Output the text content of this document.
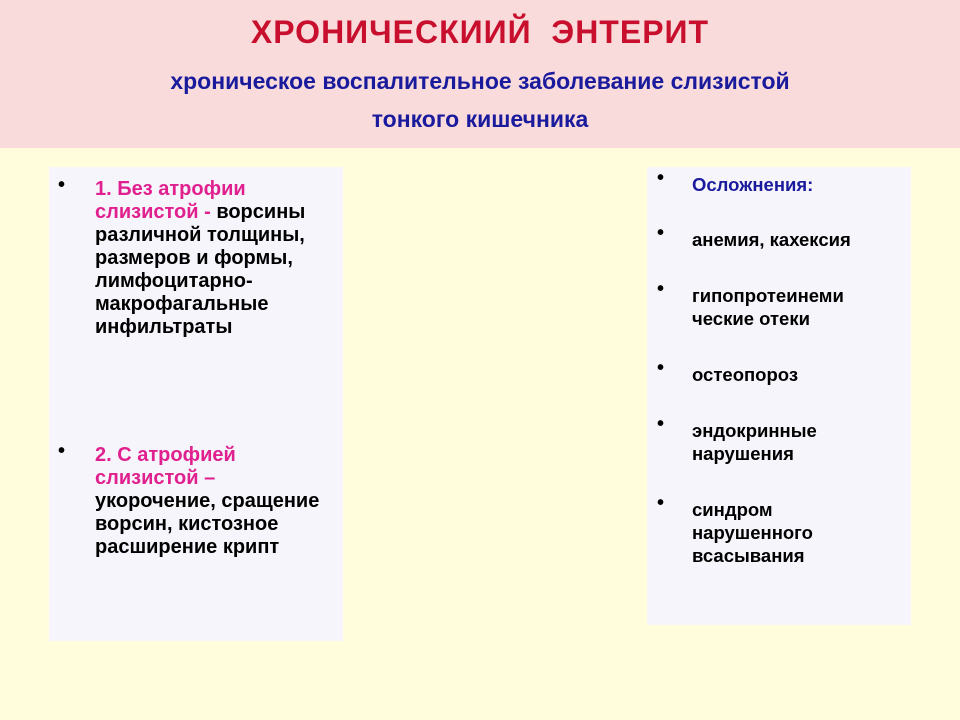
ХРОНИЧЕСКИИЙ  ЭНТЕРИТ
хроническое воспалительное заболевание слизистой
тонкого кишечника
• 1. Без атрофии слизистой - ворсины различной толщины, размеров и формы, лимфоцитарно-макрофагальные инфильтраты
• 2. С атрофией слизистой – укорочение, сращение ворсин, кистозное расширение крипт
• Осложнения:
• анемия, кахексия
• гипопротеинеми
ческие отеки
• остеопороз
• эндокринные
нарушения
• синдром
нарушенного
всасывания
